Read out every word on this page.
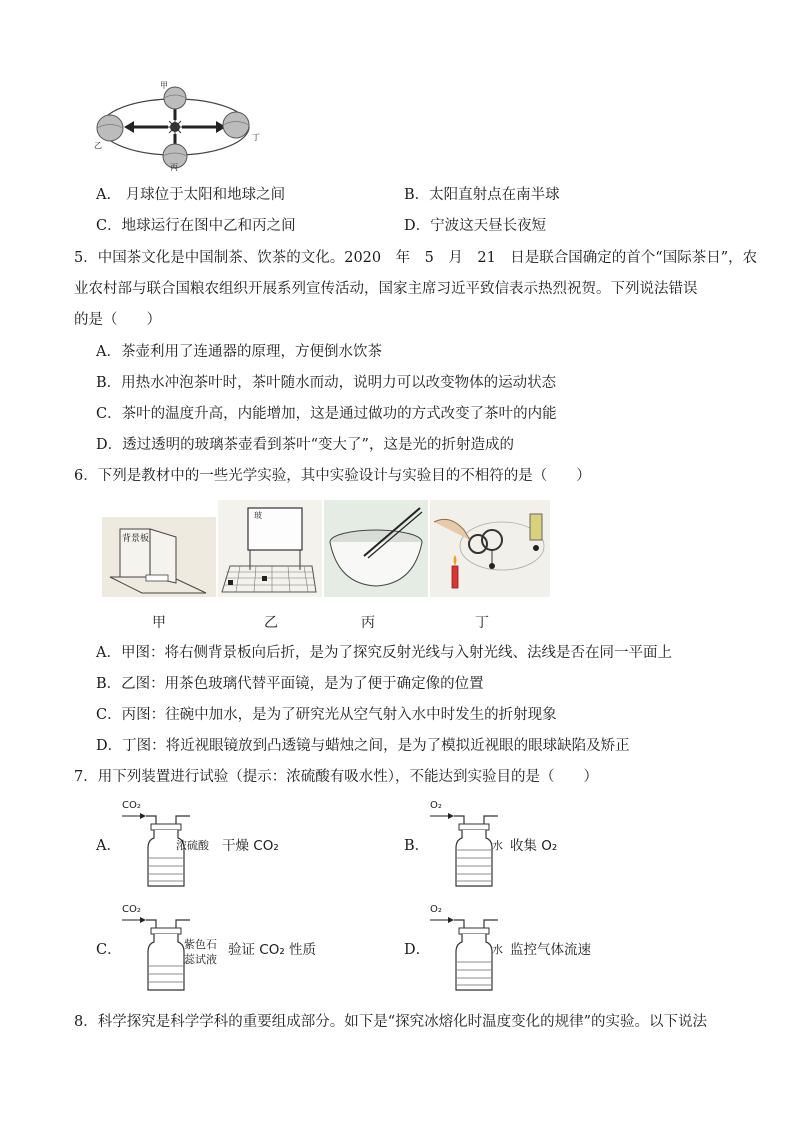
甲
丁
丙
乙
A.　月球位于太阳和地球之间	B．太阳直射点在南半球
C．地球运行在图中乙和丙之间	D．宁波这天昼长夜短
5．中国茶文化是中国制茶、饮茶的文化。2020　年　5　月　21　日是联合国确定的首个“国际茶日”，农
业农村部与联合国粮农组织开展系列宣传活动，国家主席习近平致信表示热烈祝贺。下列说法错误
的是（　　）
A．茶壶利用了连通器的原理，方便倒水饮茶
B．用热水冲泡茶叶时，茶叶随水而动，说明力可以改变物体的运动状态
C．茶叶的温度升高，内能增加，这是通过做功的方式改变了茶叶的内能
D．透过透明的玻璃茶壶看到茶叶“变大了”，这是光的折射造成的
6．下列是教材中的一些光学实验，其中实验设计与实验目的不相符的是（　　）
背景板
玻
甲	乙	丙	丁
A．甲图：将右侧背景板向后折，是为了探究反射光线与入射光线、法线是否在同一平面上
B．乙图：用茶色玻璃代替平面镜，是为了便于确定像的位置
C．丙图：往碗中加水，是为了研究光从空气射入水中时发生的折射现象
D．丁图：将近视眼镜放到凸透镜与蜡烛之间，是为了模拟近视眼的眼球缺陷及矫正
7．用下列装置进行试验（提示：浓硫酸有吸水性），不能达到实验目的是（　　）
A．
CO₂
浓硫酸 干燥 CO₂	B．
O₂
水 收集 O₂
C．
CO₂
紫色石
蕊试液
验证 CO₂ 性质	D．
O₂
水 监控气体流速
8．科学探究是科学学科的重要组成部分。如下是“探究冰熔化时温度变化的规律”的实验。以下说法
